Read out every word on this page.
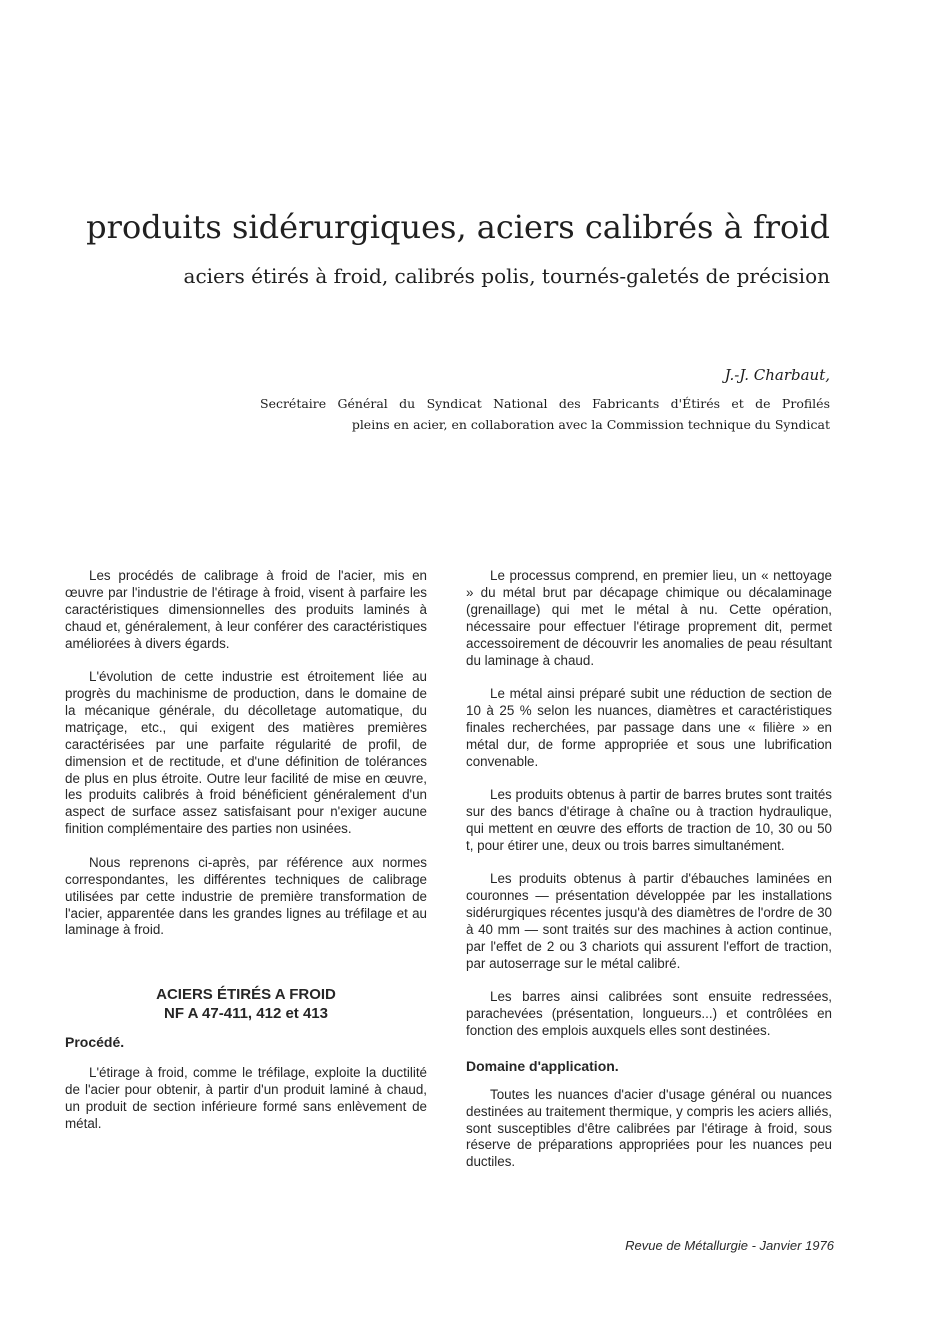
produits sidérurgiques, aciers calibrés à froid
aciers étirés à froid, calibrés polis, tournés-galetés de précision
J.-J. Charbaut,
Secrétaire Général du Syndicat National des Fabricants d'Étirés et de Profilés
pleins en acier, en collaboration avec la Commission technique du Syndicat

Les procédés de calibrage à froid de l'acier, mis en œuvre par l'industrie de l'étirage à froid, visent à parfaire les caractéristiques dimensionnelles des produits laminés à chaud et, généralement, à leur conférer des caractéristiques améliorées à divers égards.

L'évolution de cette industrie est étroitement liée au progrès du machinisme de production, dans le domaine de la mécanique générale, du décolletage automatique, du matriçage, etc., qui exigent des matières premières caractérisées par une parfaite régularité de profil, de dimension et de rectitude, et d'une définition de tolérances de plus en plus étroite. Outre leur facilité de mise en œuvre, les produits calibrés à froid bénéficient généralement d'un aspect de surface assez satisfaisant pour n'exiger aucune finition complémentaire des parties non usinées.

Nous reprenons ci-après, par référence aux normes correspondantes, les différentes techniques de calibrage utilisées par cette industrie de première transformation de l'acier, apparentée dans les grandes lignes au tréfilage et au laminage à froid.

ACIERS ÉTIRÉS A FROID
NF A 47-411, 412 et 413
Procédé.

L'étirage à froid, comme le tréfilage, exploite la ductilité de l'acier pour obtenir, à partir d'un produit laminé à chaud, un produit de section inférieure formé sans enlèvement de métal.

Le processus comprend, en premier lieu, un « nettoyage » du métal brut par décapage chimique ou décalaminage (grenaillage) qui met le métal à nu. Cette opération, nécessaire pour effectuer l'étirage proprement dit, permet accessoirement de découvrir les anomalies de peau résultant du laminage à chaud.

Le métal ainsi préparé subit une réduction de section de 10 à 25 % selon les nuances, diamètres et caractéristiques finales recherchées, par passage dans une « filière » en métal dur, de forme appropriée et sous une lubrification convenable.

Les produits obtenus à partir de barres brutes sont traités sur des bancs d'étirage à chaîne ou à traction hydraulique, qui mettent en œuvre des efforts de traction de 10, 30 ou 50 t, pour étirer une, deux ou trois barres simultanément.

Les produits obtenus à partir d'ébauches laminées en couronnes — présentation développée par les installations sidérurgiques récentes jusqu'à des diamètres de l'ordre de 30 à 40 mm — sont traités sur des machines à action continue, par l'effet de 2 ou 3 chariots qui assurent l'effort de traction, par autoserrage sur le métal calibré.

Les barres ainsi calibrées sont ensuite redressées, parachevées (présentation, longueurs...) et contrôlées en fonction des emplois auxquels elles sont destinées.

Domaine d'application.

Toutes les nuances d'acier d'usage général ou nuances destinées au traitement thermique, y compris les aciers alliés, sont susceptibles d'être calibrées par l'étirage à froid, sous réserve de préparations appropriées pour les nuances peu ductiles.

Revue de Métallurgie - Janvier 1976
